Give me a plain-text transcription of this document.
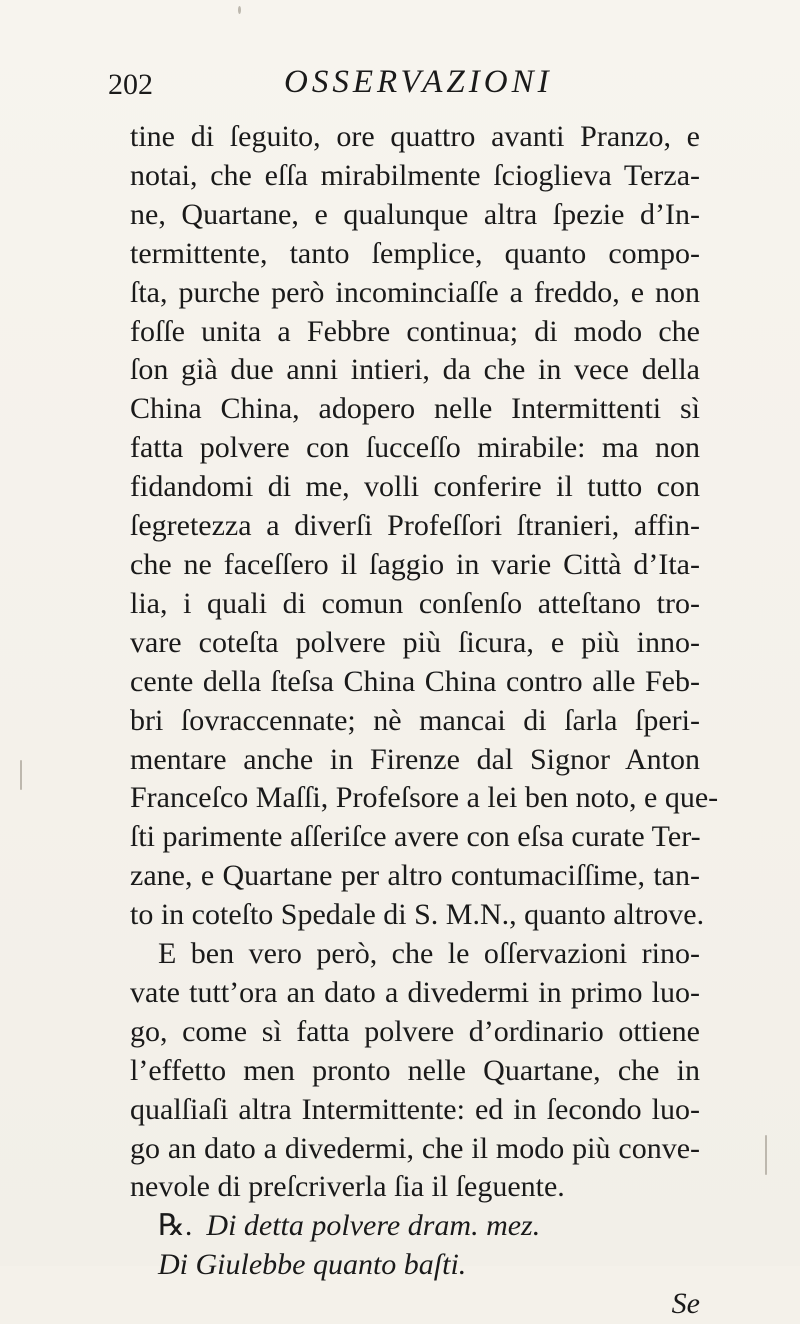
202	OSSERVAZIONI
tine di ſeguito, ore quattro avanti Pranzo, e
notai, che eſſa mirabilmente ſcioglieva Terza-
ne, Quartane, e qualunque altra ſpezie d’In-
termittente, tanto ſemplice, quanto compo-
ſta, purche però incominciaſſe a freddo, e non
foſſe unita a Febbre continua; di modo che
ſon già due anni intieri, da che in vece della
China China, adopero nelle Intermittenti sì
fatta polvere con ſucceſſo mirabile: ma non
fidandomi di me, volli conferire il tutto con
ſegretezza a diverſi Profeſſori ſtranieri, affin-
che ne faceſſero il ſaggio in varie Città d’Ita-
lia, i quali di comun conſenſo atteſtano tro-
vare coteſta polvere più ſicura, e più inno-
cente della ſteſsa China China contro alle Feb-
bri ſovraccennate; nè mancai di ſarla ſperi-
mentare anche in Firenze dal Signor Anton
Franceſco Maſſi, Profeſsore a lei ben noto, e que-
ſti parimente aſſeriſce avere con eſsa curate Ter-
zane, e Quartane per altro contumaciſſime, tan-
to in coteſto Spedale di S. M.N., quanto altrove.
E ben vero però, che le oſſervazioni rino-
vate tutt’ora an dato a divedermi in primo luo-
go, come sì fatta polvere d’ordinario ottiene
l’effetto men pronto nelle Quartane, che in
qualſiaſi altra Intermittente: ed in ſecondo luo-
go an dato a divedermi, che il modo più conve-
nevole di preſcriverla ſia il ſeguente.
℞. Di detta polvere dram. mez.
Di Giulebbe quanto baſti.
Se
